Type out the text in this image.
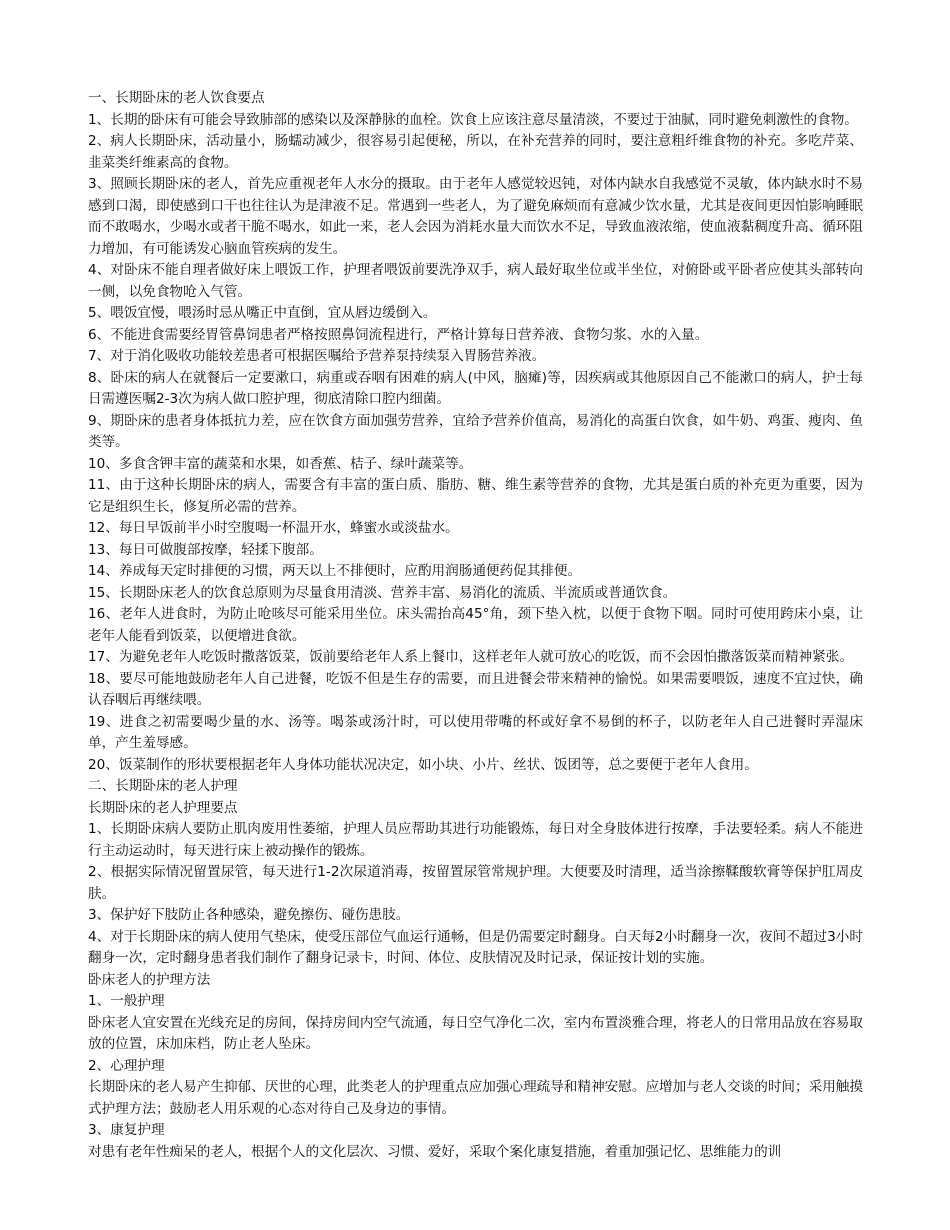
一、长期卧床的老人饮食要点

1、长期的卧床有可能会导致肺部的感染以及深静脉的血栓。饮食上应该注意尽量清淡，不要过于油腻，同时避免刺激性的食物。

2、病人长期卧床，活动量小，肠蠕动减少，很容易引起便秘，所以，在补充营养的同时，要注意粗纤维食物的补充。多吃芹菜、韭菜类纤维素高的食物。

3、照顾长期卧床的老人，首先应重视老年人水分的摄取。由于老年人感觉较迟钝，对体内缺水自我感觉不灵敏，体内缺水时不易感到口渴，即使感到口干也往往认为是津液不足。常遇到一些老人，为了避免麻烦而有意减少饮水量，尤其是夜间更因怕影响睡眠而不敢喝水，少喝水或者干脆不喝水，如此一来，老人会因为消耗水量大而饮水不足，导致血液浓缩，使血液黏稠度升高、循环阻力增加，有可能诱发心脑血管疾病的发生。

4、对卧床不能自理者做好床上喂饭工作，护理者喂饭前要洗净双手，病人最好取坐位或半坐位，对俯卧或平卧者应使其头部转向一侧，以免食物呛入气管。

5、喂饭宜慢，喂汤时忌从嘴正中直倒，宜从唇边缓倒入。

6、不能进食需要经胃管鼻饲患者严格按照鼻饲流程进行，严格计算每日营养液、食物匀浆、水的入量。

7、对于消化吸收功能较差患者可根据医嘱给予营养泵持续泵入胃肠营养液。

8、卧床的病人在就餐后一定要漱口，病重或吞咽有困难的病人(中风，脑瘫)等，因疾病或其他原因自己不能漱口的病人，护士每日需遵医嘱2-3次为病人做口腔护理，彻底清除口腔内细菌。

9、期卧床的患者身体抵抗力差，应在饮食方面加强劳营养，宜给予营养价值高，易消化的高蛋白饮食，如牛奶、鸡蛋、瘦肉、鱼类等。

10、多食含钾丰富的蔬菜和水果，如香蕉、桔子、绿叶蔬菜等。

11、由于这种长期卧床的病人，需要含有丰富的蛋白质、脂肪、糖、维生素等营养的食物，尤其是蛋白质的补充更为重要，因为它是组织生长，修复所必需的营养。

12、每日早饭前半小时空腹喝一杯温开水，蜂蜜水或淡盐水。

13、每日可做腹部按摩，轻揉下腹部。

14、养成每天定时排便的习惯，两天以上不排便时，应酌用润肠通便药促其排便。

15、长期卧床老人的饮食总原则为尽量食用清淡、营养丰富、易消化的流质、半流质或普通饮食。

16、老年人进食时，为防止呛咳尽可能采用坐位。床头需抬高45°角，颈下垫入枕，以便于食物下咽。同时可使用跨床小桌，让老年人能看到饭菜，以便增进食欲。

17、为避免老年人吃饭时撒落饭菜，饭前要给老年人系上餐巾，这样老年人就可放心的吃饭，而不会因怕撒落饭菜而精神紧张。

18、要尽可能地鼓励老年人自己进餐，吃饭不但是生存的需要，而且进餐会带来精神的愉悦。如果需要喂饭，速度不宜过快，确认吞咽后再继续喂。

19、进食之初需要喝少量的水、汤等。喝茶或汤汁时，可以使用带嘴的杯或好拿不易倒的杯子，以防老年人自己进餐时弄湿床单，产生羞辱感。

20、饭菜制作的形状要根据老年人身体功能状况决定，如小块、小片、丝状、饭团等，总之要便于老年人食用。

二、长期卧床的老人护理

长期卧床的老人护理要点

1、长期卧床病人要防止肌肉废用性萎缩，护理人员应帮助其进行功能锻炼，每日对全身肢体进行按摩，手法要轻柔。病人不能进行主动运动时，每天进行床上被动操作的锻炼。

2、根据实际情况留置尿管，每天进行1-2次尿道消毒，按留置尿管常规护理。大便要及时清理，适当涂擦鞣酸软膏等保护肛周皮肤。

3、保护好下肢防止各种感染，避免擦伤、碰伤患肢。

4、对于长期卧床的病人使用气垫床，使受压部位气血运行通畅，但是仍需要定时翻身。白天每2小时翻身一次，夜间不超过3小时翻身一次，定时翻身患者我们制作了翻身记录卡，时间、体位、皮肤情况及时记录，保证按计划的实施。

卧床老人的护理方法

1、一般护理

卧床老人宜安置在光线充足的房间，保持房间内空气流通，每日空气净化二次，室内布置淡雅合理，将老人的日常用品放在容易取放的位置，床加床档，防止老人坠床。

2、心理护理

长期卧床的老人易产生抑郁、厌世的心理，此类老人的护理重点应加强心理疏导和精神安慰。应增加与老人交谈的时间；采用触摸式护理方法；鼓励老人用乐观的心态对待自己及身边的事情。

3、康复护理

对患有老年性痴呆的老人，根据个人的文化层次、习惯、爱好，采取个案化康复措施，着重加强记忆、思维能力的训
